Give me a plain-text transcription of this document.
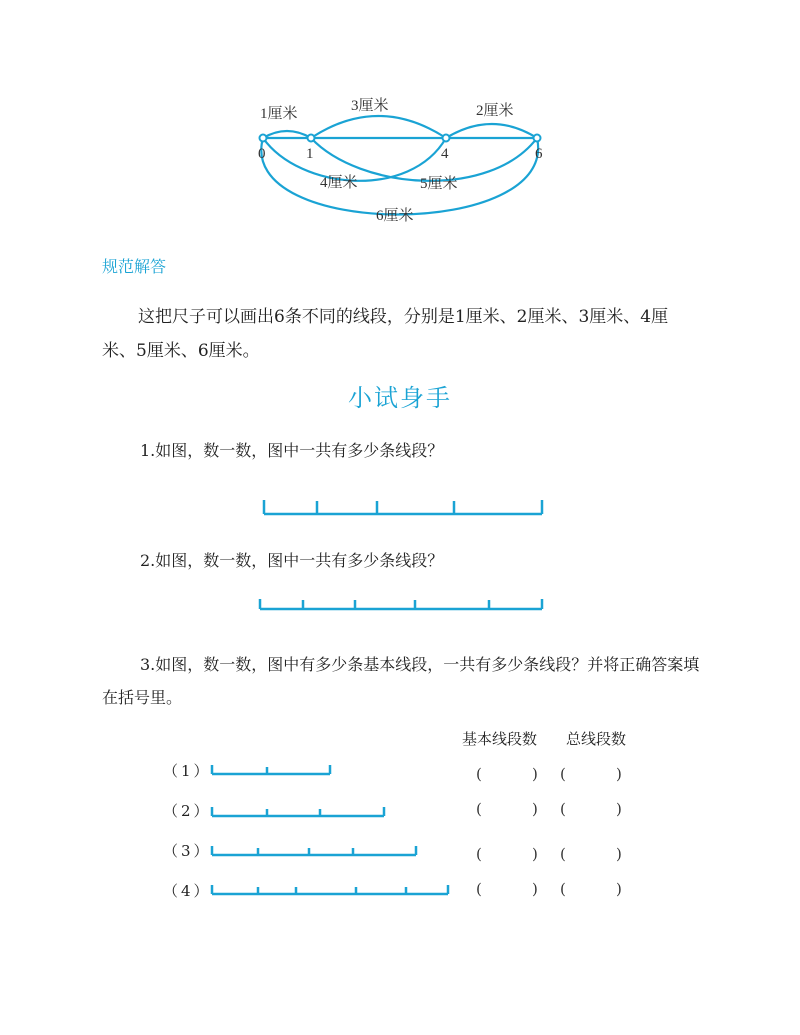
0	1	4	6
1厘米	3厘米	2厘米
4厘米	5厘米
6厘米
规范解答
这把尺子可以画出6条不同的线段，分别是1厘米、2厘米、3厘米、4厘米、5厘米、6厘米。
小试身手
1.如图，数一数，图中一共有多少条线段？
2.如图，数一数，图中一共有多少条线段？
3.如图，数一数，图中有多少条基本线段，一共有多少条线段？并将正确答案填在括号里。
基本线段数 总线段数
（1）	(	) (	)
（2）	(	) (	)
（3）	(	) (	)
（4）	(	) (	)
